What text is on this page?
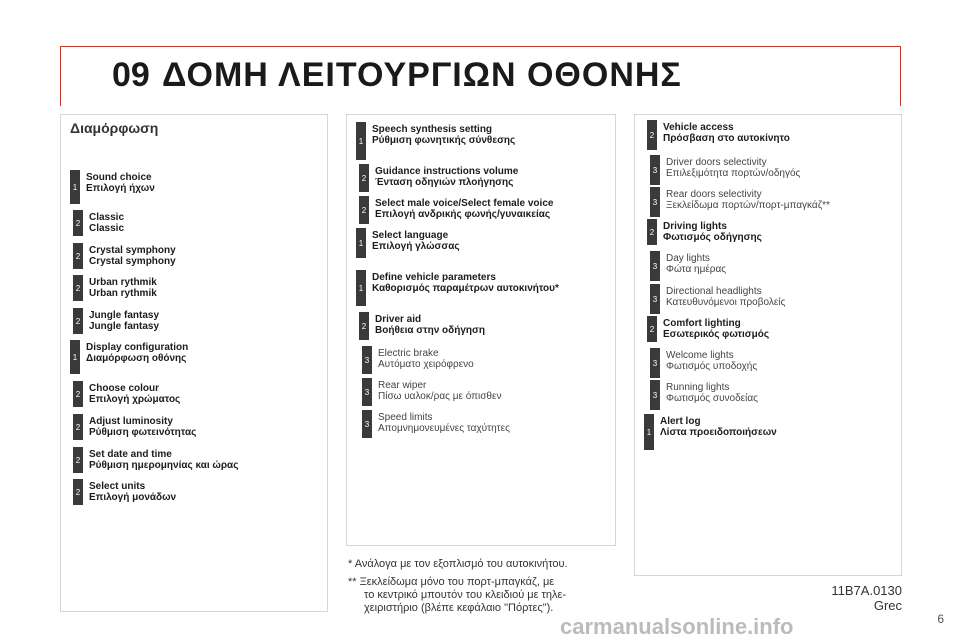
09 ΔΟΜΗ ΛΕΙΤΟΥΡΓΙΩΝ ΟΘΟΝΗΣ
Διαμόρφωση
1
Sound choice
Επιλογή ήχων
2 Classic
Classic
2 Crystal symphony
Crystal symphony
2 Urban rythmik
Urban rythmik
2 Jungle fantasy
Jungle fantasy
1
Display configuration
Διαμόρφωση οθόνης
2 Choose colour
Επιλογή χρώματος
2 Adjust luminosity
Ρύθμιση φωτεινότητας
2 Set date and time
Ρύθμιση ημερομηνίας και ώρας
2 Select units
Επιλογή μονάδων
1
Speech synthesis setting
Ρύθμιση φωνητικής σύνθεσης
2
Guidance instructions volume
Ένταση οδηγιών πλοήγησης
2
Select male voice/Select female voice
Επιλογή ανδρικής φωνής/γυναικείας
1
Select language
Επιλογή γλώσσας
1
Define vehicle parameters
Καθορισμός παραμέτρων αυτοκινήτου*
2
Driver aid
Βοήθεια στην οδήγηση
3
Electric brake
Αυτόματο χειρόφρενο
3
Rear wiper
Πίσω υαλοκ/ρας με όπισθεν
3
Speed limits
Απομνημονευμένες ταχύτητες
2
Vehicle access
Πρόσβαση στο αυτοκίνητο
3
Driver doors selectivity
Επιλεξιμότητα πορτών/οδηγός
3
Rear doors selectivity
Ξεκλείδωμα πορτών/πορτ-μπαγκάζ**
2 Driving lights
Φωτισμός οδήγησης
3
Day lights
Φώτα ημέρας
3
Directional headlights
Κατευθυνόμενοι προβολείς
2 Comfort lighting
Εσωτερικός φωτισμός
3
Welcome lights
Φωτισμός υποδοχής
3
Running lights
Φωτισμός συνοδείας
1
Alert log
Λίστα προειδοποιήσεων
* Ανάλογα με τον εξοπλισμό του αυτοκινήτου.
** Ξεκλείδωμα μόνο του πορτ-μπαγκάζ, με
το κεντρικό μπουτόν του κλειδιού με τηλε-
χειριστήριο (βλέπε κεφάλαιο "Πόρτες").
11B7A.0130
Grec
6
carmanualsonline.info
